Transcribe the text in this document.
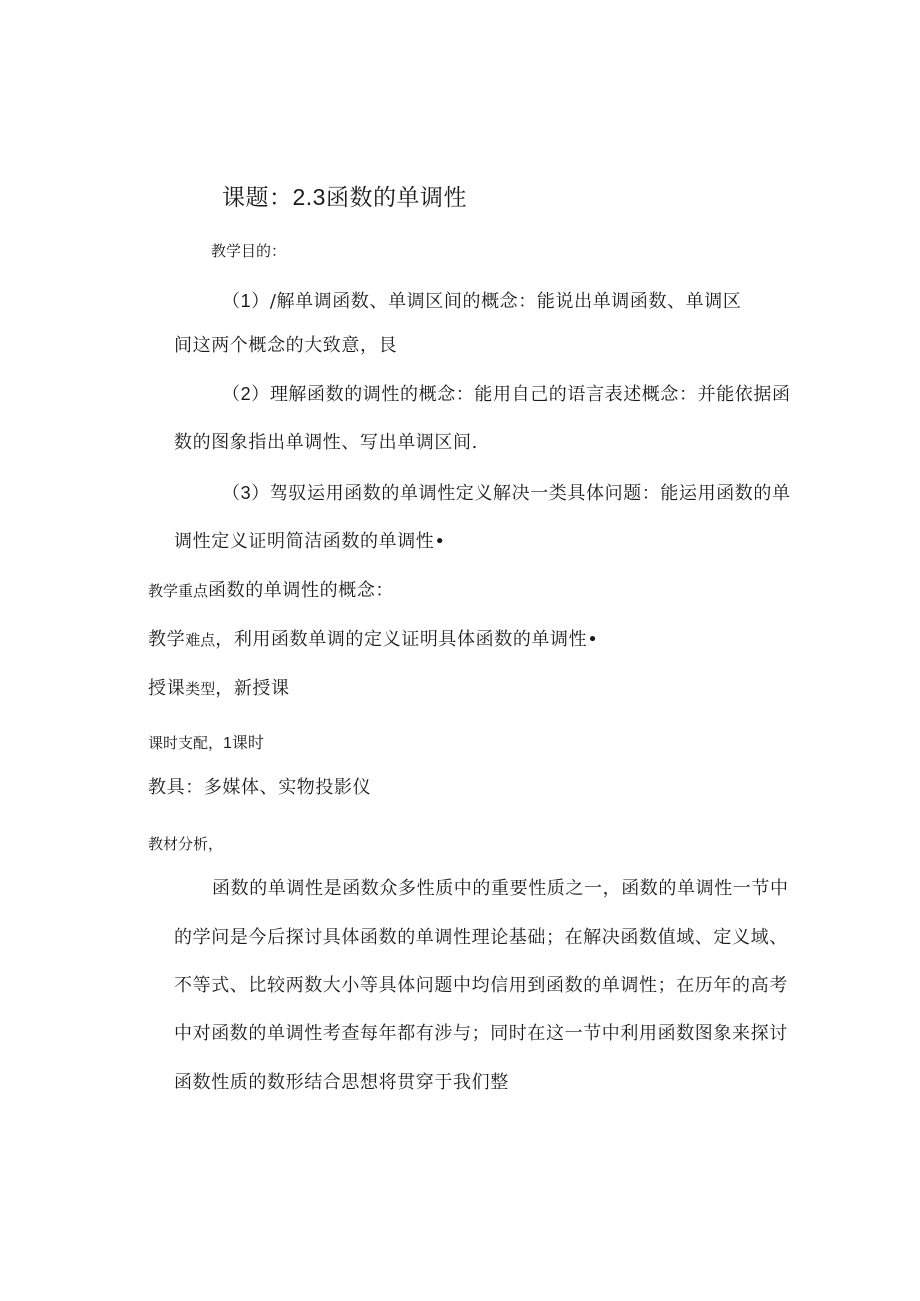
课题：2.3函数的单调性
教学目的：
（1）/解单调函数、单调区间的概念：能说出单调函数、单调区
间这两个概念的大致意，艮
（2）理解函数的调性的概念：能用自己的语言表述概念：并能依据函
数的图象指出单调性、写出单调区间.
（3）驾驭运用函数的单调性定义解决一类具体问题：能运用函数的单
调性定义证明简洁函数的单调性•
教学重点函数的单调性的概念：
教学难点，利用函数单调的定义证明具体函数的单调性•
授课类型，新授课
课时支配，1课时
教具：多媒体、实物投影仪
教材分析，
函数的单调性是函数众多性质中的重要性质之一，函数的单调性一节中
的学问是今后探讨具体函数的单调性理论基础；在解决函数值域、定义域、
不等式、比较两数大小等具体问题中均信用到函数的单调性；在历年的高考
中对函数的单调性考查每年都有涉与；同时在这一节中利用函数图象来探讨
函数性质的数形结合思想将贯穿于我们整
